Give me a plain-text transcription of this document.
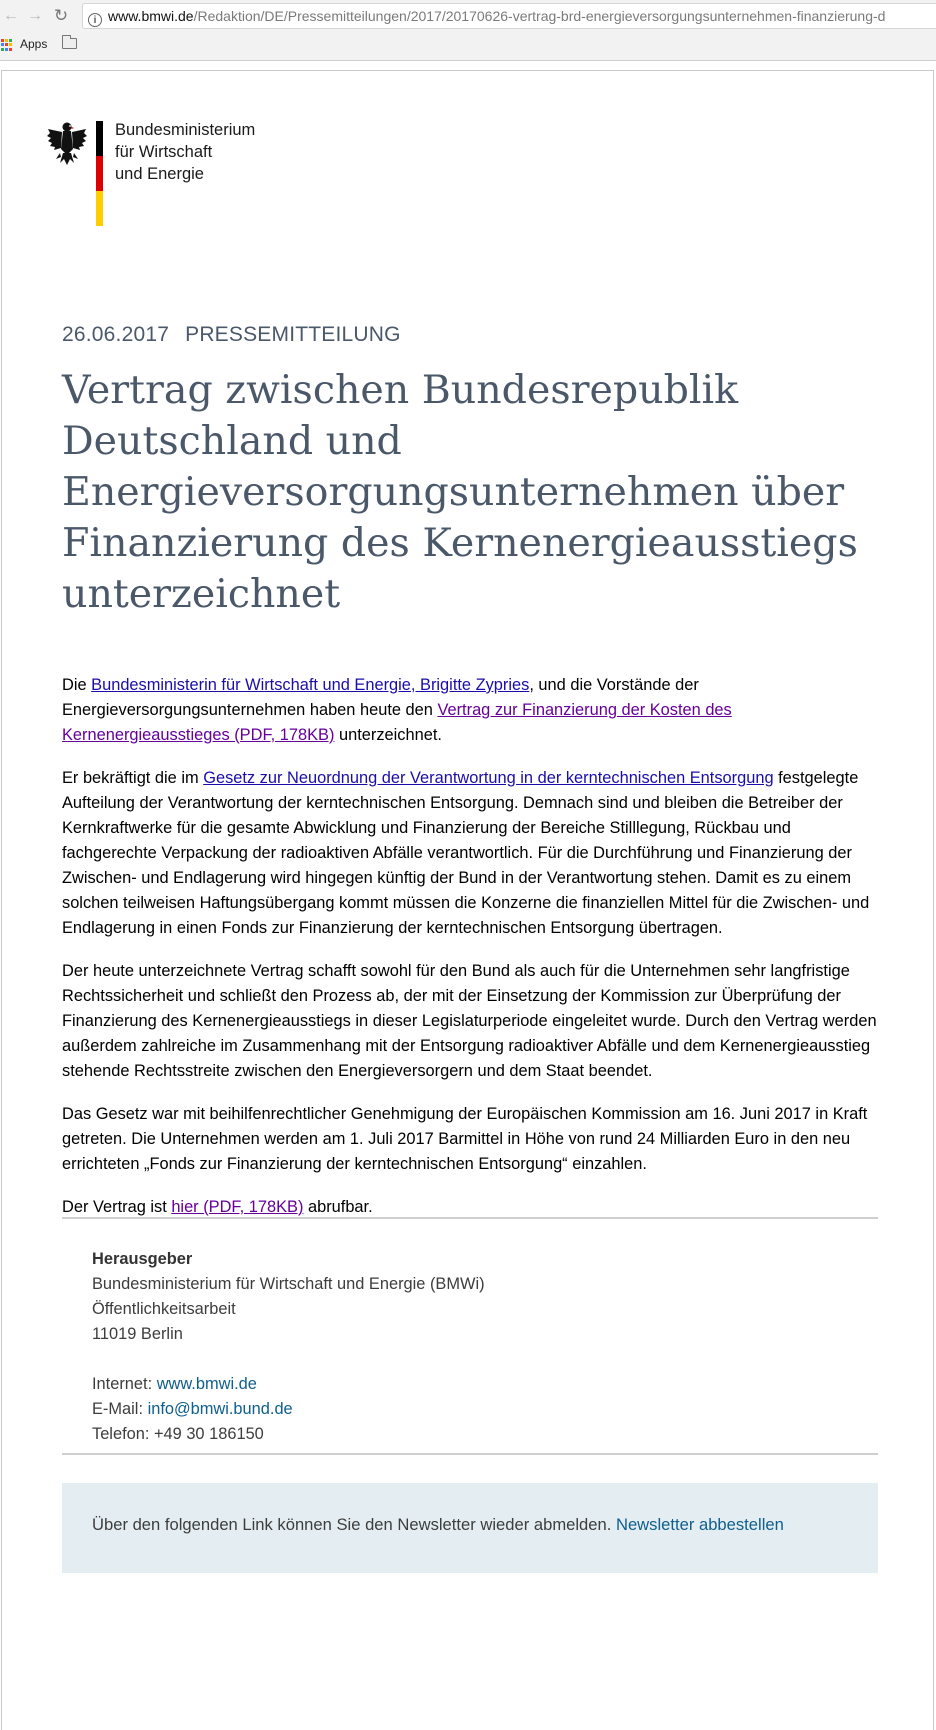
← → ↻	i www.bmwi.de/Redaktion/DE/Pressemitteilungen/2017/20170626-vertrag-brd-energieversorgungsunternehmen-finanzierung-d
Apps
Bundesministerium
für Wirtschaft
und Energie
26.06.2017 PRESSEMITTEILUNG
Vertrag zwischen Bundesrepublik Deutschland und Energieversorgungsunternehmen über Finanzierung des Kernenergieausstiegs unterzeichnet

Die Bundesministerin für Wirtschaft und Energie, Brigitte Zypries, und die Vorstände der Energieversorgungsunternehmen haben heute den Vertrag zur Finanzierung der Kosten des Kernenergieausstieges (PDF, 178KB) unterzeichnet.

Er bekräftigt die im Gesetz zur Neuordnung der Verantwortung in der kerntechnischen Entsorgung festgelegte Aufteilung der Verantwortung der kerntechnischen Entsorgung. Demnach sind und bleiben die Betreiber der Kernkraftwerke für die gesamte Abwicklung und Finanzierung der Bereiche Stilllegung, Rückbau und fachgerechte Verpackung der radioaktiven Abfälle verantwortlich. Für die Durchführung und Finanzierung der Zwischen- und Endlagerung wird hingegen künftig der Bund in der Verantwortung stehen. Damit es zu einem solchen teilweisen Haftungsübergang kommt müssen die Konzerne die finanziellen Mittel für die Zwischen- und Endlagerung in einen Fonds zur Finanzierung der kerntechnischen Entsorgung übertragen.

Der heute unterzeichnete Vertrag schafft sowohl für den Bund als auch für die Unternehmen sehr langfristige Rechtssicherheit und schließt den Prozess ab, der mit der Einsetzung der Kommission zur Überprüfung der Finanzierung des Kernenergieausstiegs in dieser Legislaturperiode eingeleitet wurde. Durch den Vertrag werden außerdem zahlreiche im Zusammenhang mit der Entsorgung radioaktiver Abfälle und dem Kernenergieausstieg stehende Rechtsstreite zwischen den Energieversorgern und dem Staat beendet.

Das Gesetz war mit beihilfenrechtlicher Genehmigung der Europäischen Kommission am 16. Juni 2017 in Kraft getreten. Die Unternehmen werden am 1. Juli 2017 Barmittel in Höhe von rund 24 Milliarden Euro in den neu errichteten „Fonds zur Finanzierung der kerntechnischen Entsorgung“ einzahlen.

Der Vertrag ist hier (PDF, 178KB) abrufbar.

Herausgeber
Bundesministerium für Wirtschaft und Energie (BMWi)
Öffentlichkeitsarbeit
11019 Berlin
Internet: www.bmwi.de
E-Mail: info@bmwi.bund.de
Telefon: +49 30 186150
Über den folgenden Link können Sie den Newsletter wieder abmelden. Newsletter abbestellen
